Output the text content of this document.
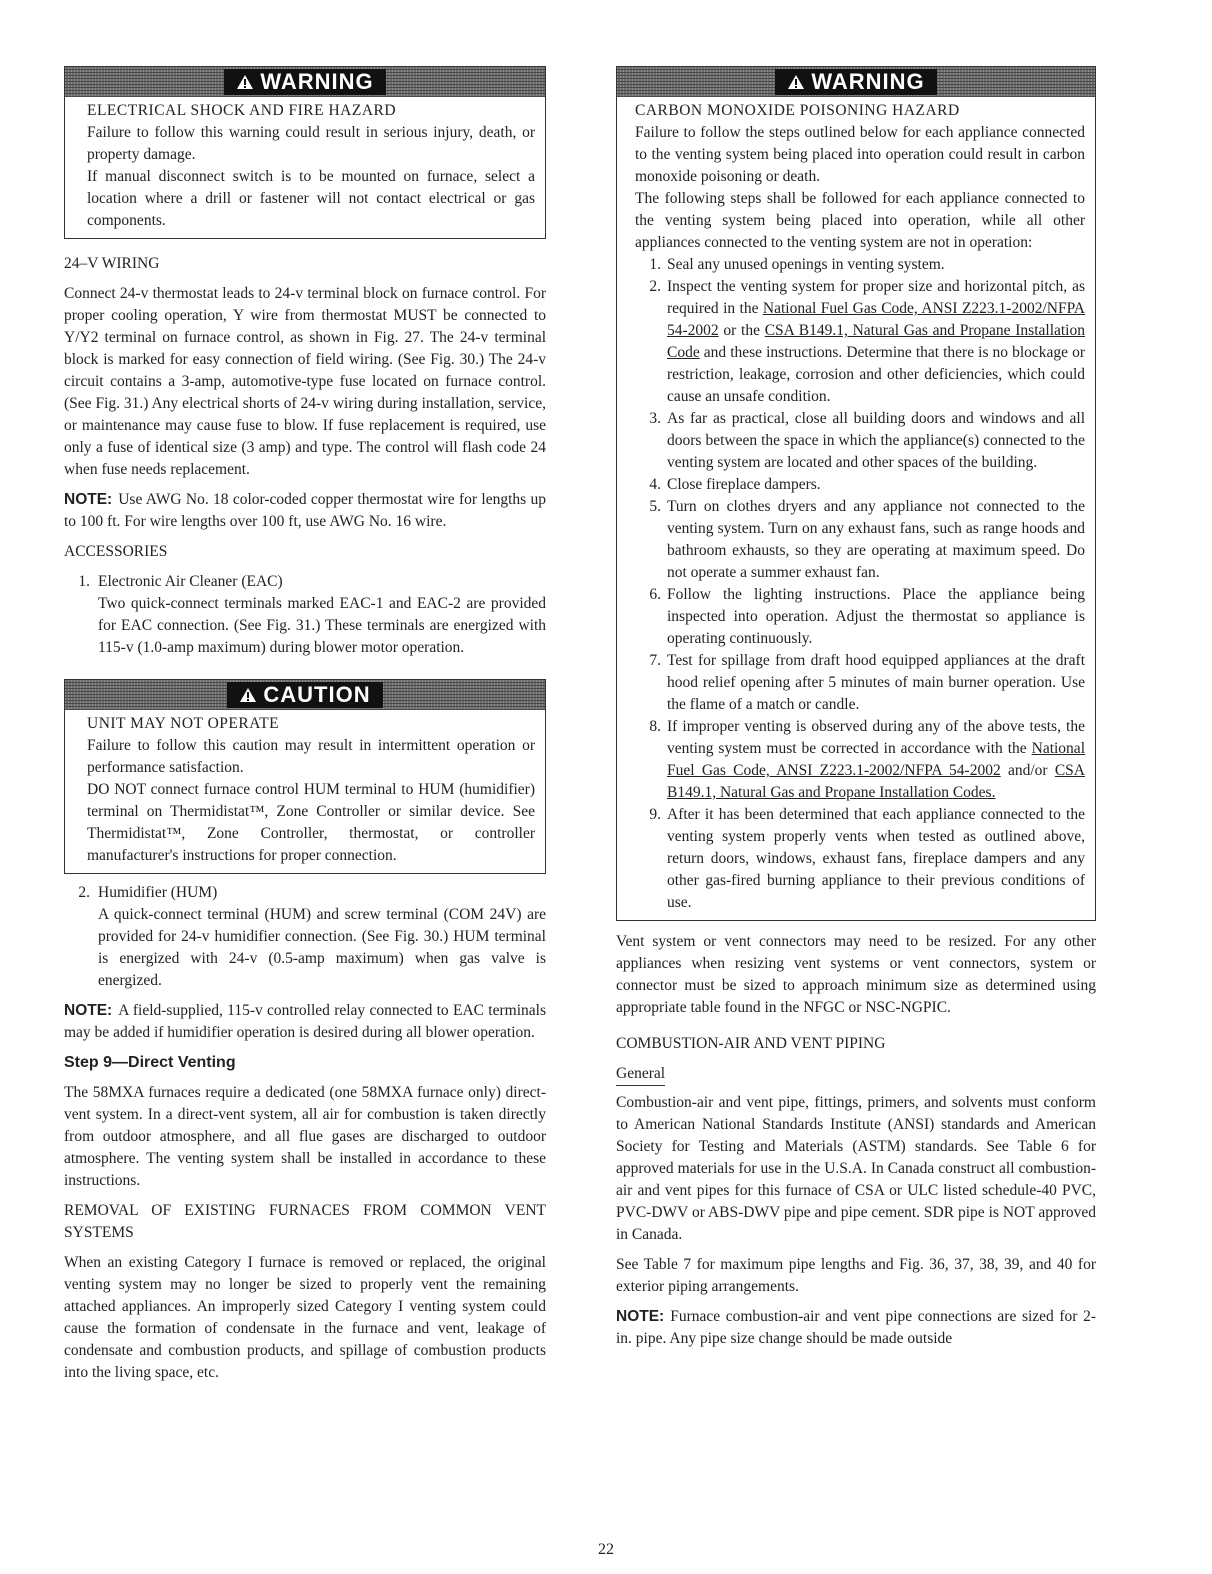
WARNING
ELECTRICAL SHOCK AND FIRE HAZARD
Failure to follow this warning could result in serious injury, death, or property damage.
If manual disconnect switch is to be mounted on furnace, select a location where a drill or fastener will not contact electrical or gas components.
24–V WIRING

Connect 24-v thermostat leads to 24-v terminal block on furnace control. For proper cooling operation, Y wire from thermostat MUST be connected to Y/Y2 terminal on furnace control, as shown in Fig. 27. The 24-v terminal block is marked for easy connection of field wiring. (See Fig. 30.) The 24-v circuit contains a 3-amp, automotive-type fuse located on furnace control. (See Fig. 31.) Any electrical shorts of 24-v wiring during installation, service, or maintenance may cause fuse to blow. If fuse replacement is required, use only a fuse of identical size (3 amp) and type. The control will flash code 24 when fuse needs replacement.

NOTE: Use AWG No. 18 color-coded copper thermostat wire for lengths up to 100 ft. For wire lengths over 100 ft, use AWG No. 16 wire.

ACCESSORIES
1. Electronic Air Cleaner (EAC)

Two quick-connect terminals marked EAC-1 and EAC-2 are provided for EAC connection. (See Fig. 31.) These terminals are energized with 115-v (1.0-amp maximum) during blower motor operation.

CAUTION
UNIT MAY NOT OPERATE
Failure to follow this caution may result in intermittent operation or performance satisfaction.
DO NOT connect furnace control HUM terminal to HUM (humidifier) terminal on Thermidistat™, Zone Controller or similar device. See Thermidistat™, Zone Controller, thermostat, or controller manufacturer's instructions for proper connection.
2. Humidifier (HUM)

A quick-connect terminal (HUM) and screw terminal (COM 24V) are provided for 24-v humidifier connection. (See Fig. 30.) HUM terminal is energized with 24-v (0.5-amp maximum) when gas valve is energized.

NOTE: A field-supplied, 115-v controlled relay connected to EAC terminals may be added if humidifier operation is desired during all blower operation.

Step 9—Direct Venting

The 58MXA furnaces require a dedicated (one 58MXA furnace only) direct-vent system. In a direct-vent system, all air for combustion is taken directly from outdoor atmosphere, and all flue gases are discharged to outdoor atmosphere. The venting system shall be installed in accordance to these instructions.

REMOVAL OF EXISTING FURNACES FROM COMMON VENT SYSTEMS

When an existing Category I furnace is removed or replaced, the original venting system may no longer be sized to properly vent the remaining attached appliances. An improperly sized Category I venting system could cause the formation of condensate in the furnace and vent, leakage of condensate and combustion products, and spillage of combustion products into the living space, etc.

WARNING
CARBON MONOXIDE POISONING HAZARD
Failure to follow the steps outlined below for each appliance connected to the venting system being placed into operation could result in carbon monoxide poisoning or death.
The following steps shall be followed for each appliance connected to the venting system being placed into operation, while all other appliances connected to the venting system are not in operation:
1. Seal any unused openings in venting system.
2. Inspect the venting system for proper size and horizontal pitch, as required in the National Fuel Gas Code, ANSI Z223.1-2002/NFPA 54-2002 or the CSA B149.1, Natural Gas and Propane Installation Code and these instructions. Determine that there is no blockage or restriction, leakage, corrosion and other deficiencies, which could cause an unsafe condition.
3. As far as practical, close all building doors and windows and all doors between the space in which the appliance(s) connected to the venting system are located and other spaces of the building.
4. Close fireplace dampers.
5. Turn on clothes dryers and any appliance not connected to the venting system. Turn on any exhaust fans, such as range hoods and bathroom exhausts, so they are operating at maximum speed. Do not operate a summer exhaust fan.
6. Follow the lighting instructions. Place the appliance being inspected into operation. Adjust the thermostat so appliance is operating continuously.
7. Test for spillage from draft hood equipped appliances at the draft hood relief opening after 5 minutes of main burner operation. Use the flame of a match or candle.
8. If improper venting is observed during any of the above tests, the venting system must be corrected in accordance with the National Fuel Gas Code, ANSI Z223.1-2002/NFPA 54-2002 and/or CSA B149.1, Natural Gas and Propane Installation Codes.
9. After it has been determined that each appliance connected to the venting system properly vents when tested as outlined above, return doors, windows, exhaust fans, fireplace dampers and any other gas-fired burning appliance to their previous conditions of use.

Vent system or vent connectors may need to be resized. For any other appliances when resizing vent systems or vent connectors, system or connector must be sized to approach minimum size as determined using appropriate table found in the NFGC or NSC-NGPIC.

COMBUSTION-AIR AND VENT PIPING
General

Combustion-air and vent pipe, fittings, primers, and solvents must conform to American National Standards Institute (ANSI) standards and American Society for Testing and Materials (ASTM) standards. See Table 6 for approved materials for use in the U.S.A. In Canada construct all combustion-air and vent pipes for this furnace of CSA or ULC listed schedule-40 PVC, PVC-DWV or ABS-DWV pipe and pipe cement. SDR pipe is NOT approved in Canada.

See Table 7 for maximum pipe lengths and Fig. 36, 37, 38, 39, and 40 for exterior piping arrangements.

NOTE: Furnace combustion-air and vent pipe connections are sized for 2-in. pipe. Any pipe size change should be made outside

22
